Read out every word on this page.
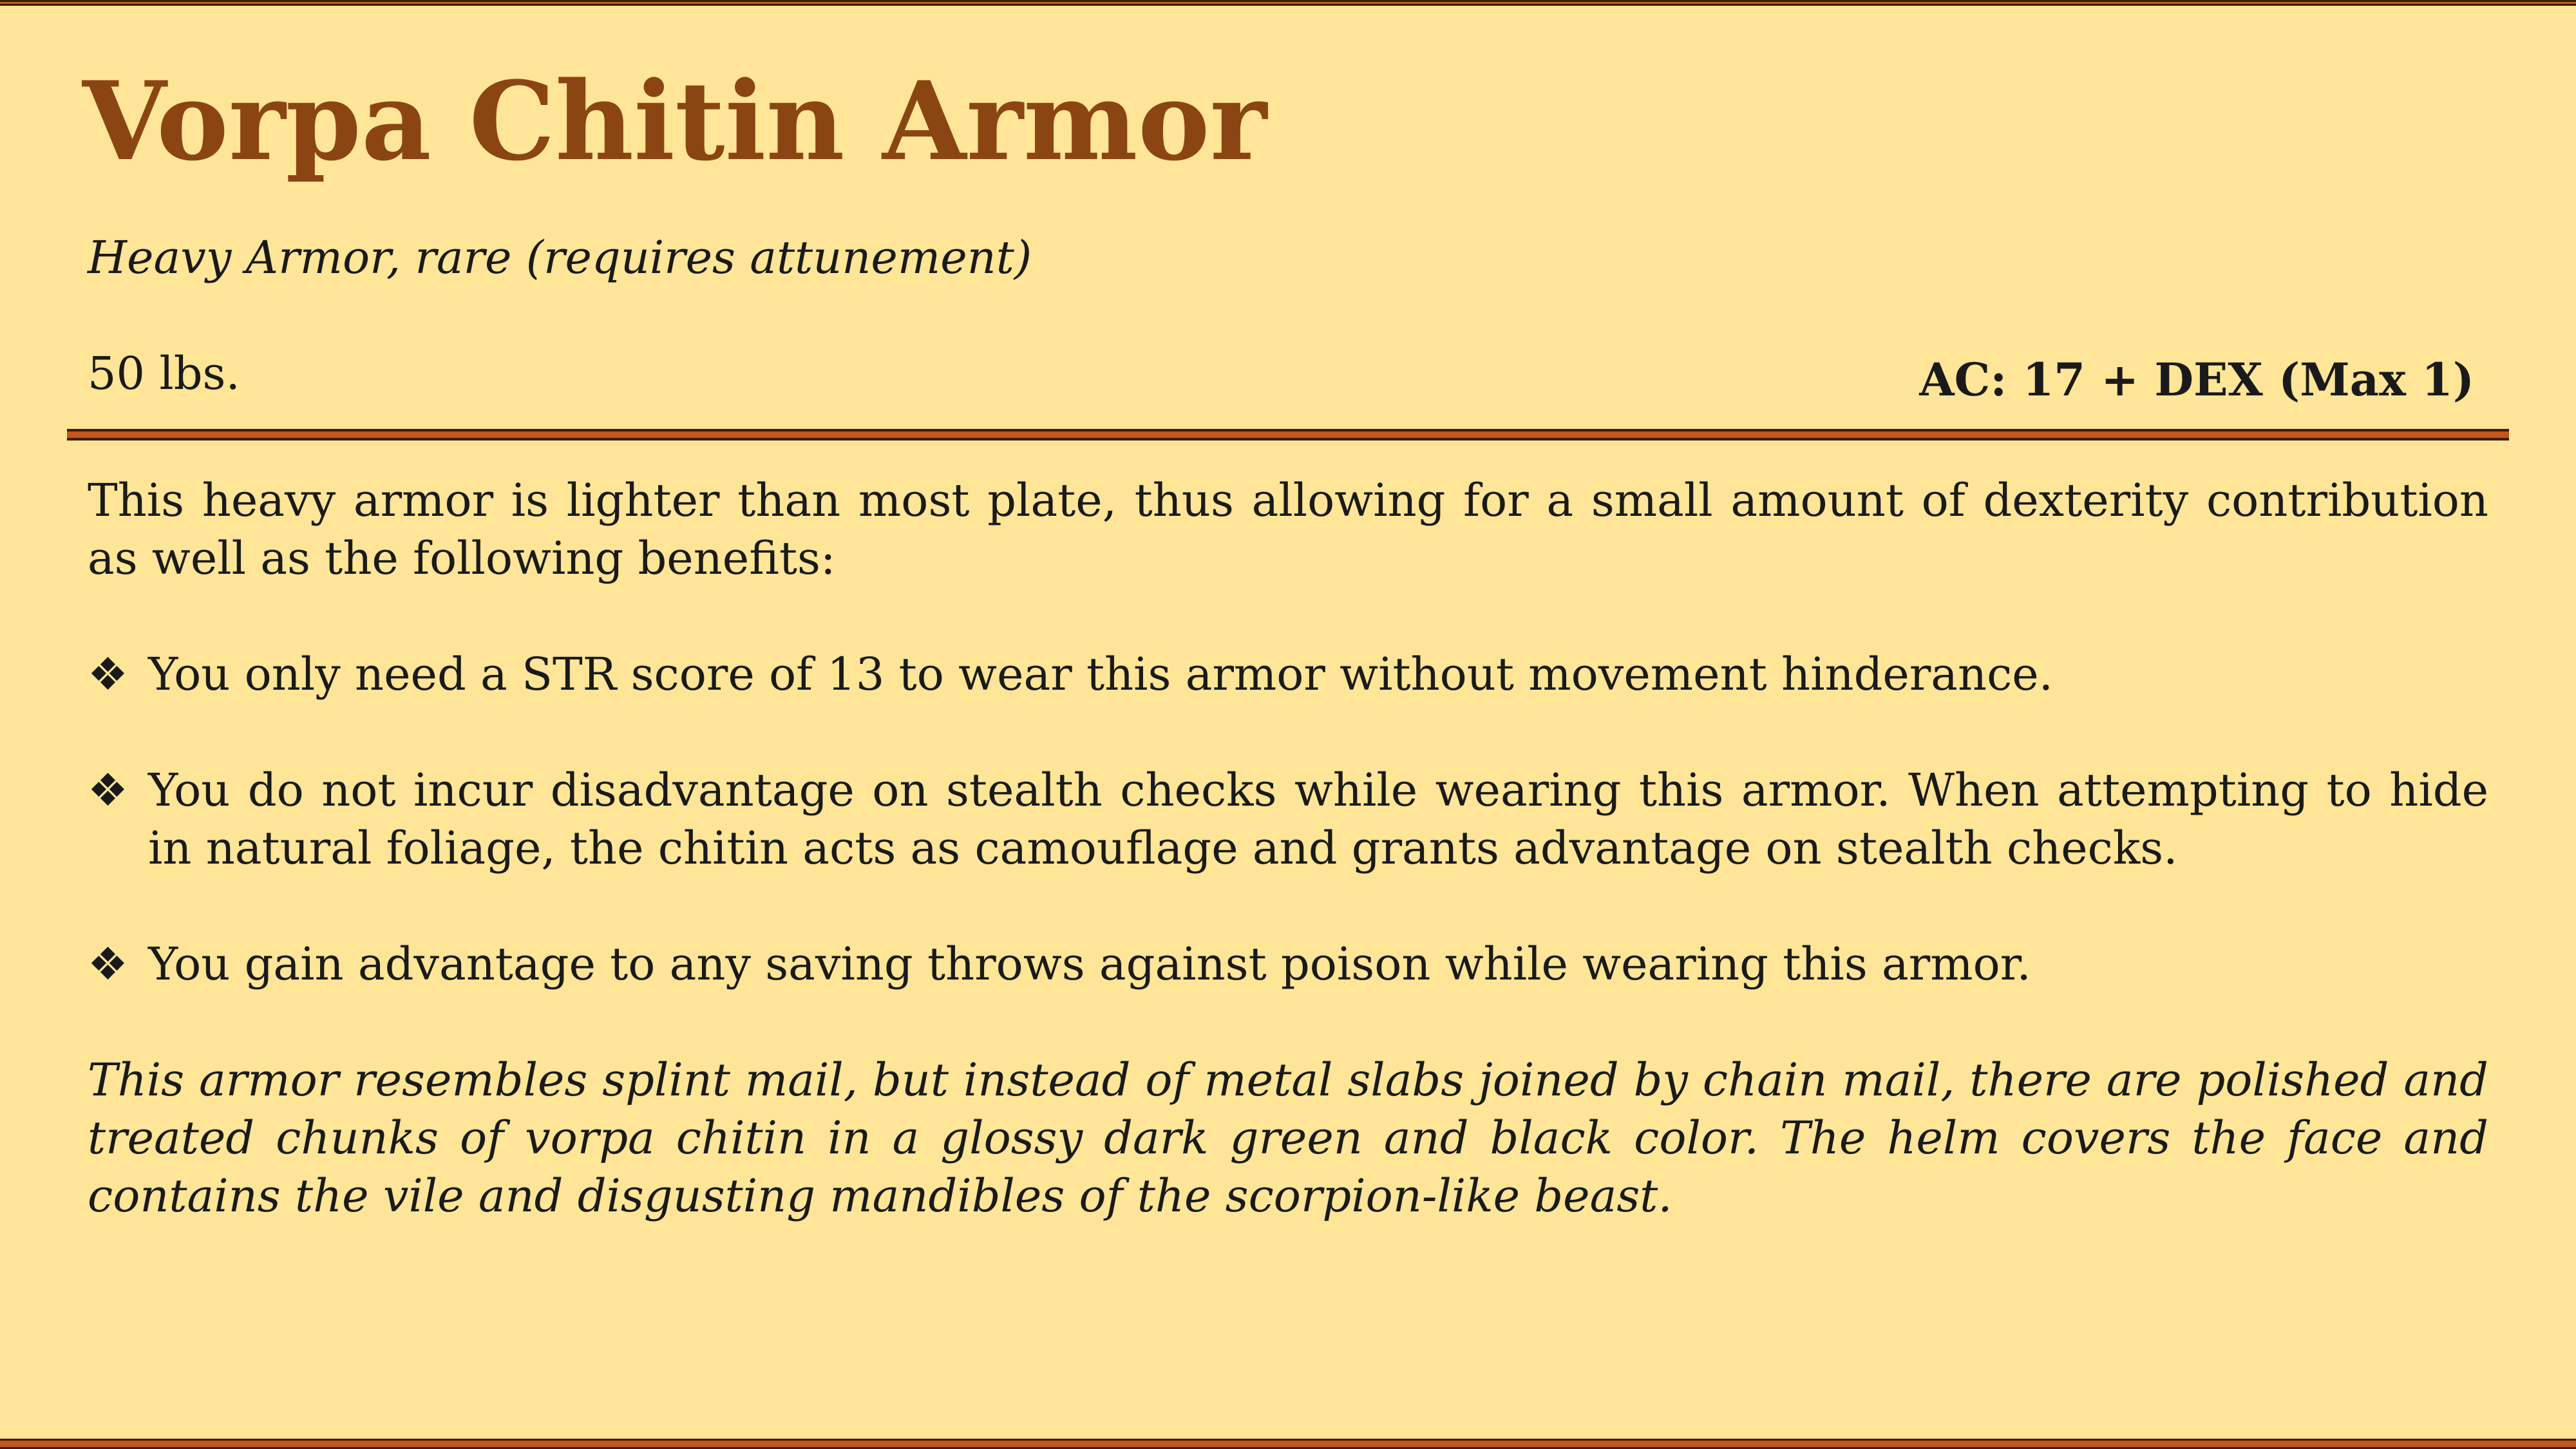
Vorpa Chitin Armor
Heavy Armor, rare (requires attunement)
50 lbs.	AC: 17 + DEX (Max 1)

This heavy armor is lighter than most plate, thus allowing for a small amount of dexterity contribution as well as the following benefits:

❖ You only need a STR score of 13 to wear this armor without movement hinderance.
❖ You do not incur disadvantage on stealth checks while wearing this armor. When attempting to hide in natural foliage, the chitin acts as camouflage and grants advantage on stealth checks.
❖ You gain advantage to any saving throws against poison while wearing this armor.

This armor resembles splint mail, but instead of metal slabs joined by chain mail, there are polished and treated chunks of vorpa chitin in a glossy dark green and black color. The helm covers the face and contains the vile and disgusting mandibles of the scorpion-like beast.
